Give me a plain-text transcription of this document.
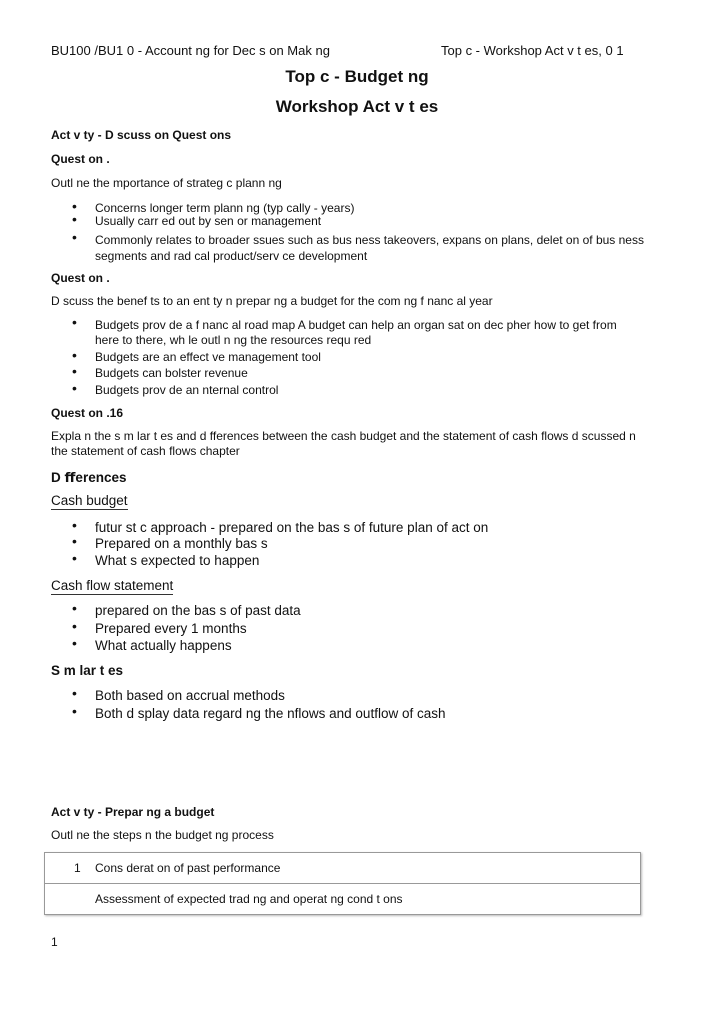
BU100 /BU1 0 - Account ng for Dec s on Mak ng	Top c - Workshop Act v t es, 0 1
Top c - Budget ng
Workshop Act v t es
Act v ty - D scuss on Quest ons
Quest on .
Outl ne the mportance of strateg c plann ng
• Concerns longer term plann ng (typ cally - years)
• Usually carr ed out by sen or management
• Commonly relates to broader ssues such as bus ness takeovers, expans on plans, delet on of bus ness segments and rad cal product/serv ce development
Quest on .
D scuss the benef ts to an ent ty n prepar ng a budget for the com ng f nanc al year
• Budgets prov de a f nanc al road map A budget can help an organ sat on dec pher how to get from here to there, wh le outl n ng the resources requ red
• Budgets are an effect ve management tool
• Budgets can bolster revenue
• Budgets prov de an nternal control
Quest on .16
Expla n the s m lar t es and d fferences between the cash budget and the statement of cash flows d scussed n the statement of cash flows chapter
D ﬀerences
Cash budget
• futur st c approach - prepared on the bas s of future plan of act on
• Prepared on a monthly bas s
• What s expected to happen
Cash flow statement
• prepared on the bas s of past data
• Prepared every 1 months
• What actually happens
S m lar t es
• Both based on accrual methods
• Both d splay data regard ng the nflows and outflow of cash
Act v ty - Prepar ng a budget
Outl ne the steps n the budget ng process
1 Cons derat on of past performance
Assessment of expected trad ng and operat ng cond t ons
1
